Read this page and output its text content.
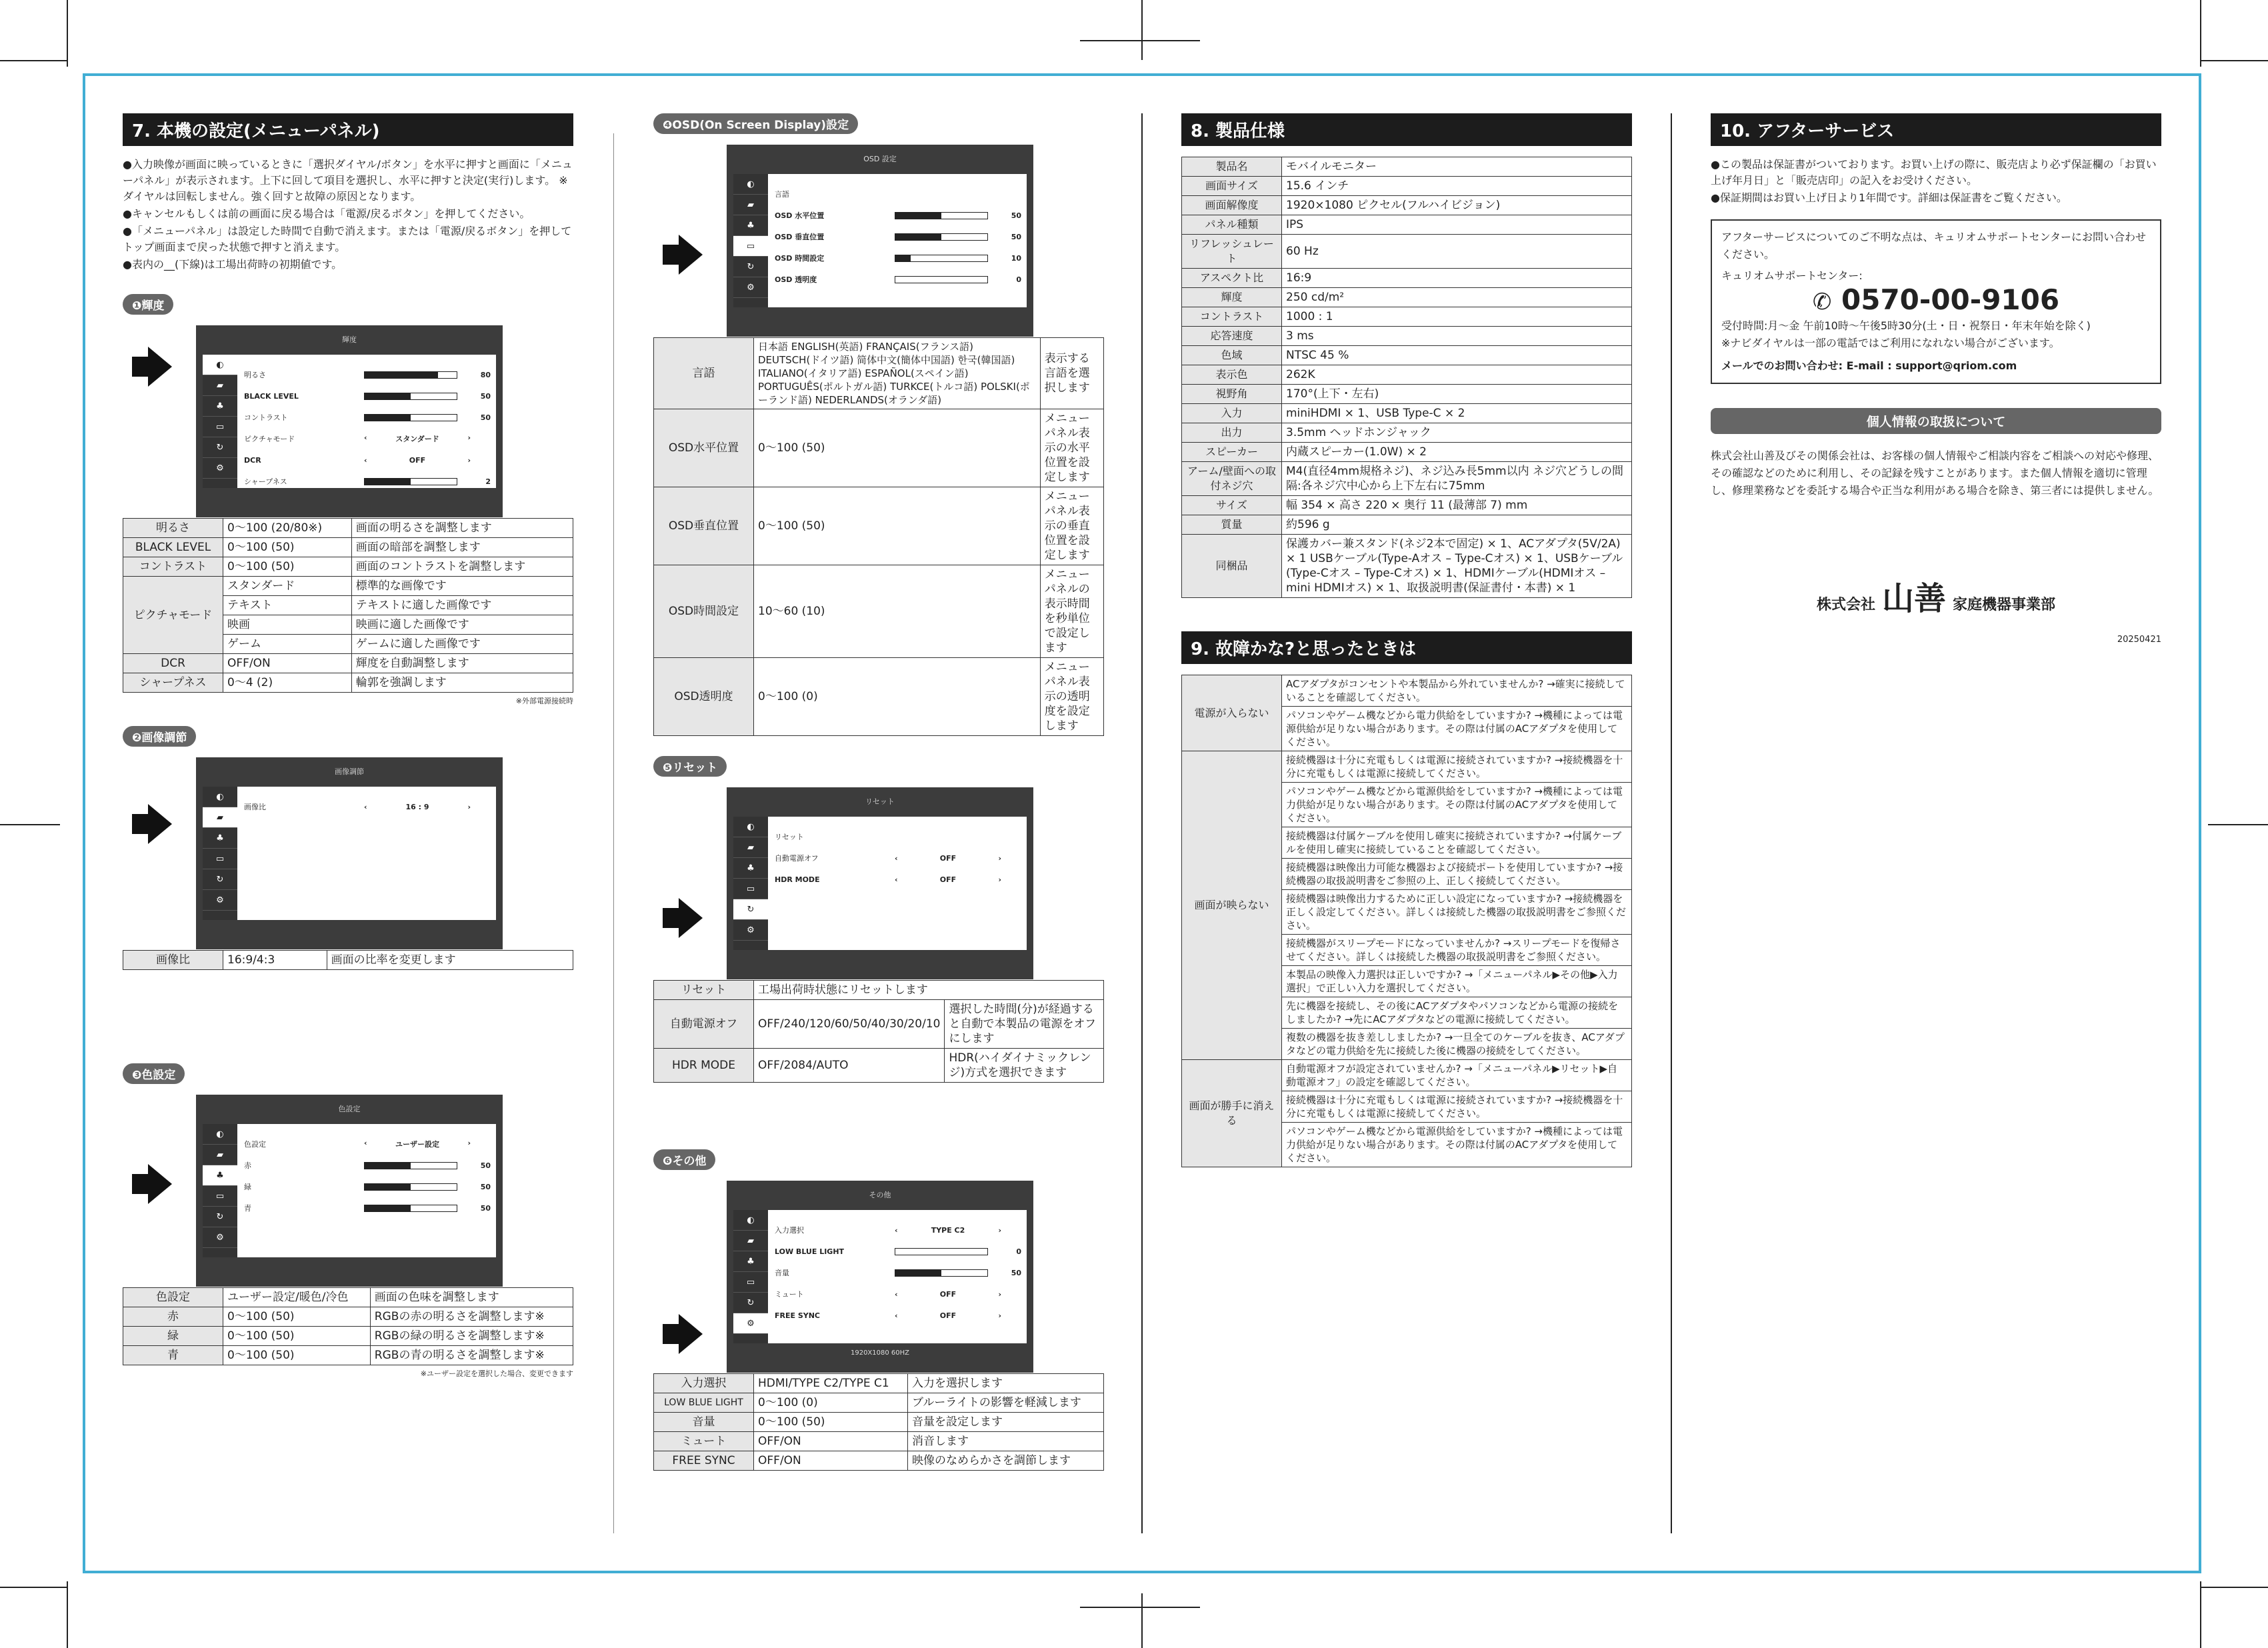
7. 本機の設定(メニューパネル)

●入力映像が画面に映っているときに「選択ダイヤル/ボタン」を水平に押すと画面に「メニューパネル」が表示されます。上下に回して項目を選択し、水平に押すと決定(実行)します。 ※ダイヤルは回転しません。強く回すと故障の原因となります。

●キャンセルもしくは前の画面に戻る場合は「電源/戻るボタン」を押してください。

●「メニューパネル」は設定した時間で自動で消えます。または「電源/戻るボタン」を押してトップ画面まで戻った状態で押すと消えます。

●表内の__(下線)は工場出荷時の初期値です。

❶輝度
輝度
◐
▰
♣
▭
↻
⚙
明るさ	80
BLACK LEVEL	50
コントラスト	50
ピクチャモード	‹	スタンダード	›
DCR	‹	OFF	›
シャープネス	2
明るさ	0〜100 (20/80※)	画面の明るさを調整します
BLACK LEVEL	0〜100 (50)	画面の暗部を調整します
コントラスト	0〜100 (50)	画面のコントラストを調整します
ピクチャモード	スタンダード	標準的な画像です
	テキスト	テキストに適した画像です
	映画	映画に適した画像です
	ゲーム	ゲームに適した画像です
DCR	OFF/ON	輝度を自動調整します
シャープネス	0〜4 (2)	輪郭を強調します
※外部電源接続時
❷画像調節
画像調節
◐
▰
♣
▭
↻
⚙
画像比	‹	16 : 9	›
画像比	16:9/4:3	画面の比率を変更します
❸色設定
色設定
◐
▰
♣
▭
↻
⚙
色設定	‹	ユーザー設定	›
赤	50
緑	50
青	50
色設定	ユーザー設定/暖色/冷色	画面の色味を調整します
赤	0〜100 (50)	RGBの赤の明るさを調整します※
緑	0〜100 (50)	RGBの緑の明るさを調整します※
青	0〜100 (50)	RGBの青の明るさを調整します※
※ユーザー設定を選択した場合、変更できます
❹OSD(On Screen Display)設定
OSD 設定
◐
▰
♣
▭
↻
⚙
言語
OSD 水平位置	50
OSD 垂直位置	50
OSD 時間設定	10
OSD 透明度	0
言語	日本語 ENGLISH(英語) FRANÇAIS(フランス語) DEUTSCH(ドイツ語) 简体中文(簡体中国語) 한국(韓国語) ITALIANO(イタリア語) ESPAÑOL(スペイン語) PORTUGUÊS(ポルトガル語) TURKCE(トルコ語) POLSKI(ポーランド語) NEDERLANDS(オランダ語)	表示する言語を選択します
OSD水平位置	0〜100 (50)	メニューパネル表示の水平位置を設定します
OSD垂直位置	0〜100 (50)	メニューパネル表示の垂直位置を設定します
OSD時間設定	10〜60 (10)	メニューパネルの表示時間を秒単位で設定します
OSD透明度	0〜100 (0)	メニューパネル表示の透明度を設定します
❺リセット
リセット
◐
▰
♣
▭
↻
⚙
リセット
自動電源オフ	‹	OFF	›
HDR MODE	‹	OFF	›
リセット	工場出荷時状態にリセットします	
自動電源オフ	OFF/240/120/60/50/40/30/20/10	選択した時間(分)が経過すると自動で本製品の電源をオフにします
HDR MODE	OFF/2084/AUTO	HDR(ハイダイナミックレンジ)方式を選択できます
❻その他
その他
◐
▰
♣
▭
↻
⚙
入力選択	‹	TYPE C2	›
LOW BLUE LIGHT	0
音量	50
ミュート	‹	OFF	›
FREE SYNC	‹	OFF	›
1920X1080 60HZ
入力選択	HDMI/TYPE C2/TYPE C1	入力を選択します
LOW BLUE LIGHT	0〜100 (0)	ブルーライトの影響を軽減します
音量	0〜100 (50)	音量を設定します
ミュート	OFF/ON	消音します
FREE SYNC	OFF/ON	映像のなめらかさを調節します
8. 製品仕様
製品名	モバイルモニター
画面サイズ	15.6 インチ
画面解像度	1920×1080 ピクセル(フルハイビジョン)
パネル種類	IPS
リフレッシュレート	60 Hz
アスペクト比	16:9
輝度	250 cd/m²
コントラスト	1000 : 1
応答速度	3 ms
色域	NTSC 45 %
表示色	262K
視野角	170°(上下・左右)
入力	miniHDMI × 1、USB Type-C × 2
出力	3.5mm ヘッドホンジャック
スピーカー	内蔵スピーカー(1.0W) × 2
アーム/壁面への取付ネジ穴	M4(直径4mm規格ネジ)、ネジ込み長5mm以内 ネジ穴どうしの間隔:各ネジ穴中心から上下左右に75mm
サイズ	幅 354 × 高さ 220 × 奥行 11 (最薄部 7) mm
質量	約596 g
同梱品	保護カバー兼スタンド(ネジ2本で固定) × 1、ACアダプタ(5V/2A) × 1 USBケーブル(Type-Aオス – Type-Cオス) × 1、USBケーブル(Type-Cオス – Type-Cオス) × 1、HDMIケーブル(HDMIオス – mini HDMIオス) × 1、取扱説明書(保証書付・本書) × 1
9. 故障かな?と思ったときは
電源が入らない	ACアダプタがコンセントや本製品から外れていませんか? →確実に接続していることを確認してください。
	パソコンやゲーム機などから電力供給をしていますか? →機種によっては電源供給が足りない場合があります。その際は付属のACアダプタを使用してください。
画面が映らない	接続機器は十分に充電もしくは電源に接続されていますか? →接続機器を十分に充電もしくは電源に接続してください。
	パソコンやゲーム機などから電源供給をしていますか? →機種によっては電力供給が足りない場合があります。その際は付属のACアダプタを使用してください。
	接続機器は付属ケーブルを使用し確実に接続されていますか? →付属ケーブルを使用し確実に接続していることを確認してください。
	接続機器は映像出力可能な機器および接続ポートを使用していますか? →接続機器の取扱説明書をご参照の上、正しく接続してください。
	接続機器は映像出力するために正しい設定になっていますか? →接続機器を正しく設定してください。詳しくは接続した機器の取扱説明書をご参照ください。
	接続機器がスリープモードになっていませんか? →スリープモードを復帰させてください。詳しくは接続した機器の取扱説明書をご参照ください。
	本製品の映像入力選択は正しいですか? →「メニューパネル▶その他▶入力選択」で正しい入力を選択してください。
	先に機器を接続し、その後にACアダプタやパソコンなどから電源の接続をしましたか? →先にACアダプタなどの電源に接続してください。
	複数の機器を抜き差ししましたか? →一旦全てのケーブルを抜き、ACアダプタなどの電力供給を先に接続した後に機器の接続をしてください。
画面が勝手に消える	自動電源オフが設定されていませんか? →「メニューパネル▶リセット▶自動電源オフ」の設定を確認してください。
	接続機器は十分に充電もしくは電源に接続されていますか? →接続機器を十分に充電もしくは電源に接続してください。
	パソコンやゲーム機などから電源供給をしていますか? →機種によっては電力供給が足りない場合があります。その際は付属のACアダプタを使用してください。
10. アフターサービス

●この製品は保証書がついております。お買い上げの際に、販売店より必ず保証欄の「お買い上げ年月日」と「販売店印」の記入をお受けください。

●保証期間はお買い上げ日より1年間です。詳細は保証書をご覧ください。

アフターサービスについてのご不明な点は、キュリオムサポートセンターにお問い合わせください。
キュリオムサポートセンター:
✆ 0570-00-9106
受付時間:月〜金 午前10時〜午後5時30分(土・日・祝祭日・年末年始を除く)
※ナビダイヤルは一部の電話ではご利用になれない場合がございます。
メールでのお問い合わせ: E-mail : support@qriom.com
個人情報の取扱について
株式会社山善及びその関係会社は、お客様の個人情報やご相談内容をご相談への対応や修理、その確認などのために利用し、その記録を残すことがあります。また個人情報を適切に管理し、修理業務などを委託する場合や正当な利用がある場合を除き、第三者には提供しません。
株式会社 山善 家庭機器事業部
20250421
